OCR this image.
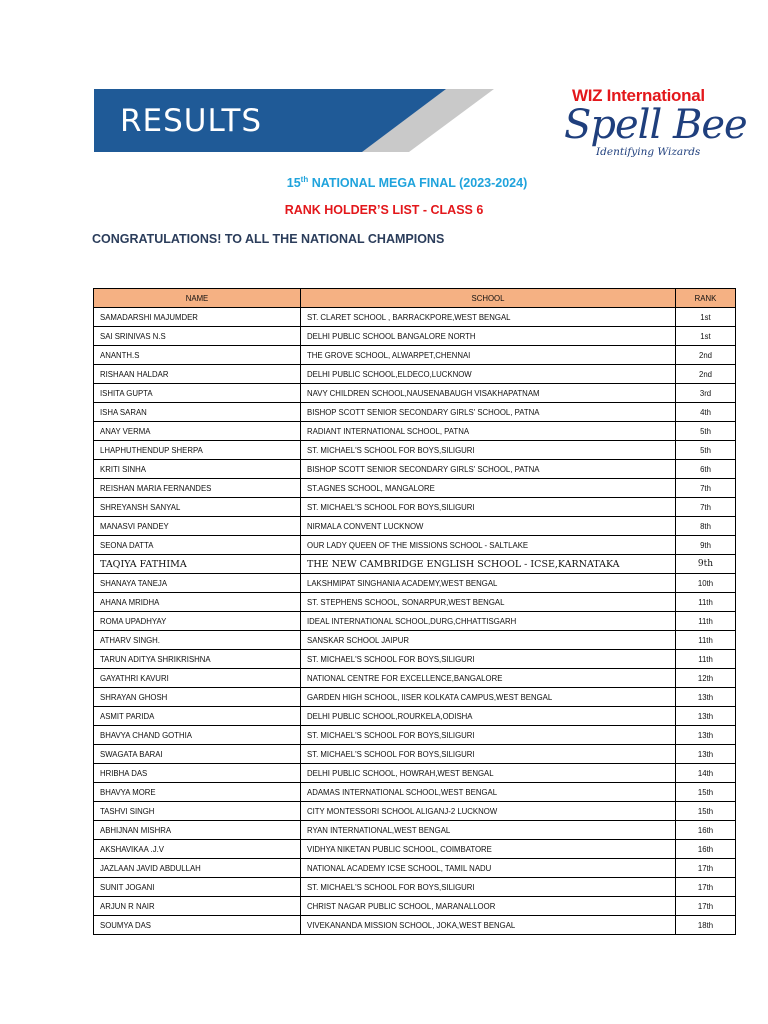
RESULTS
WIZ International
Spell Bee
Identifying Wizards
15th NATIONAL MEGA FINAL (2023-2024)
RANK HOLDER’S LIST - CLASS 6
CONGRATULATIONS! TO ALL THE NATIONAL CHAMPIONS
NAME	SCHOOL	RANK
SAMADARSHI MAJUMDER	ST. CLARET SCHOOL , BARRACKPORE,WEST BENGAL	1st
SAI SRINIVAS N.S	DELHI PUBLIC SCHOOL BANGALORE NORTH	1st
ANANTH.S	THE GROVE SCHOOL, ALWARPET,CHENNAI	2nd
RISHAAN HALDAR	DELHI PUBLIC SCHOOL,ELDECO,LUCKNOW	2nd
ISHITA GUPTA	NAVY CHILDREN SCHOOL,NAUSENABAUGH VISAKHAPATNAM	3rd
ISHA SARAN	BISHOP SCOTT SENIOR SECONDARY GIRLS' SCHOOL, PATNA	4th
ANAY VERMA	RADIANT INTERNATIONAL SCHOOL, PATNA	5th
LHAPHUTHENDUP SHERPA	ST. MICHAEL'S SCHOOL FOR BOYS,SILIGURI	5th
KRITI SINHA	BISHOP SCOTT SENIOR SECONDARY GIRLS' SCHOOL, PATNA	6th
REISHAN MARIA FERNANDES	ST.AGNES SCHOOL, MANGALORE	7th
SHREYANSH SANYAL	ST. MICHAEL'S SCHOOL FOR BOYS,SILIGURI	7th
MANASVI PANDEY	NIRMALA CONVENT LUCKNOW	8th
SEONA DATTA	OUR LADY QUEEN OF THE MISSIONS SCHOOL - SALTLAKE	9th
TAQIYA FATHIMA	THE NEW CAMBRIDGE ENGLISH SCHOOL - ICSE,KARNATAKA	9th
SHANAYA TANEJA	LAKSHMIPAT SINGHANIA ACADEMY,WEST BENGAL	10th
AHANA MRIDHA	ST. STEPHENS SCHOOL, SONARPUR,WEST BENGAL	11th
ROMA UPADHYAY	IDEAL INTERNATIONAL SCHOOL,DURG,CHHATTISGARH	11th
ATHARV SINGH.	SANSKAR SCHOOL JAIPUR	11th
TARUN ADITYA SHRIKRISHNA	ST. MICHAEL'S SCHOOL FOR BOYS,SILIGURI	11th
GAYATHRI KAVURI	NATIONAL CENTRE FOR EXCELLENCE,BANGALORE	12th
SHRAYAN GHOSH	GARDEN HIGH SCHOOL, IISER KOLKATA CAMPUS,WEST BENGAL	13th
ASMIT PARIDA	DELHI PUBLIC SCHOOL,ROURKELA,ODISHA	13th
BHAVYA CHAND GOTHIA	ST. MICHAEL'S SCHOOL FOR BOYS,SILIGURI	13th
SWAGATA BARAI	ST. MICHAEL'S SCHOOL FOR BOYS,SILIGURI	13th
HRIBHA DAS	DELHI PUBLIC SCHOOL, HOWRAH,WEST BENGAL	14th
BHAVYA MORE	ADAMAS INTERNATIONAL SCHOOL,WEST BENGAL	15th
TASHVI SINGH	CITY MONTESSORI SCHOOL ALIGANJ-2 LUCKNOW	15th
ABHIJNAN MISHRA	RYAN INTERNATIONAL,WEST BENGAL	16th
AKSHAVIKAA .J.V	VIDHYA NIKETAN PUBLIC SCHOOL, COIMBATORE	16th
JAZLAAN JAVID ABDULLAH	NATIONAL ACADEMY ICSE SCHOOL, TAMIL NADU	17th
SUNIT JOGANI	ST. MICHAEL'S SCHOOL FOR BOYS,SILIGURI	17th
ARJUN R NAIR	CHRIST NAGAR PUBLIC SCHOOL, MARANALLOOR	17th
SOUMYA DAS	VIVEKANANDA MISSION SCHOOL, JOKA,WEST BENGAL	18th
